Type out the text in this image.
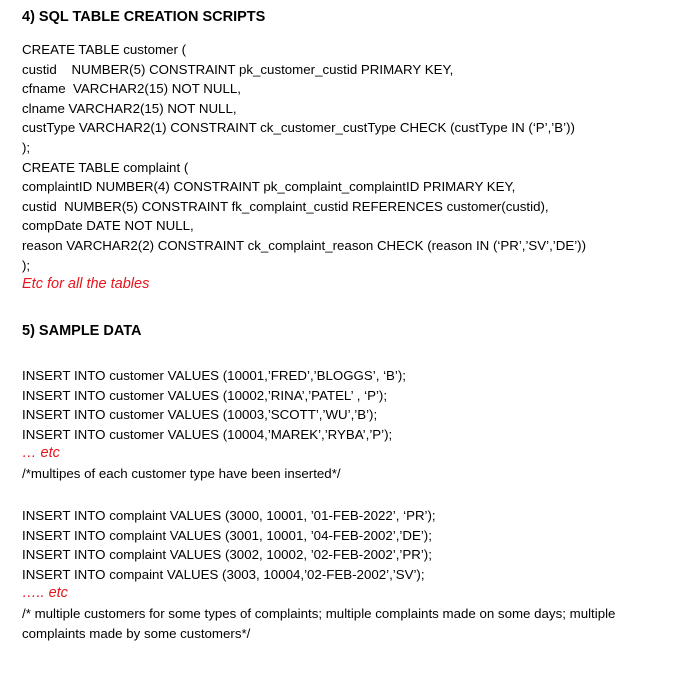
4) SQL TABLE CREATION SCRIPTS

CREATE TABLE customer (

custid    NUMBER(5) CONSTRAINT pk_customer_custid PRIMARY KEY,

cfname  VARCHAR2(15) NOT NULL,

clname VARCHAR2(15) NOT NULL,

custType VARCHAR2(1) CONSTRAINT ck_customer_custType CHECK (custType IN (‘P’,’B’))

);

CREATE TABLE complaint (

complaintID NUMBER(4) CONSTRAINT pk_complaint_complaintID PRIMARY KEY,

custid  NUMBER(5) CONSTRAINT fk_complaint_custid REFERENCES customer(custid),

compDate DATE NOT NULL,

reason VARCHAR2(2) CONSTRAINT ck_complaint_reason CHECK (reason IN (‘PR’,’SV’,’DE’))

);

Etc for all the tables

5) SAMPLE DATA

INSERT INTO customer VALUES (10001,’FRED’,’BLOGGS’, ‘B’);

INSERT INTO customer VALUES (10002,’RINA’,’PATEL’ , ‘P’);

INSERT INTO customer VALUES (10003,’SCOTT’,’WU’,’B’);

INSERT INTO customer VALUES (10004,’MAREK’,’RYBA’,’P’);

… etc

/*multipes of each customer type have been inserted*/

INSERT INTO complaint VALUES (3000, 10001, ’01-FEB-2022’, ‘PR’);

INSERT INTO complaint VALUES (3001, 10001, ’04-FEB-2002’,’DE’);

INSERT INTO complaint VALUES (3002, 10002, ’02-FEB-2002’,’PR’);

INSERT INTO compaint VALUES (3003, 10004,’02-FEB-2002’,’SV’);

….. etc

/* multiple customers for some types of complaints; multiple complaints made on some days; multiple complaints made by some customers*/
